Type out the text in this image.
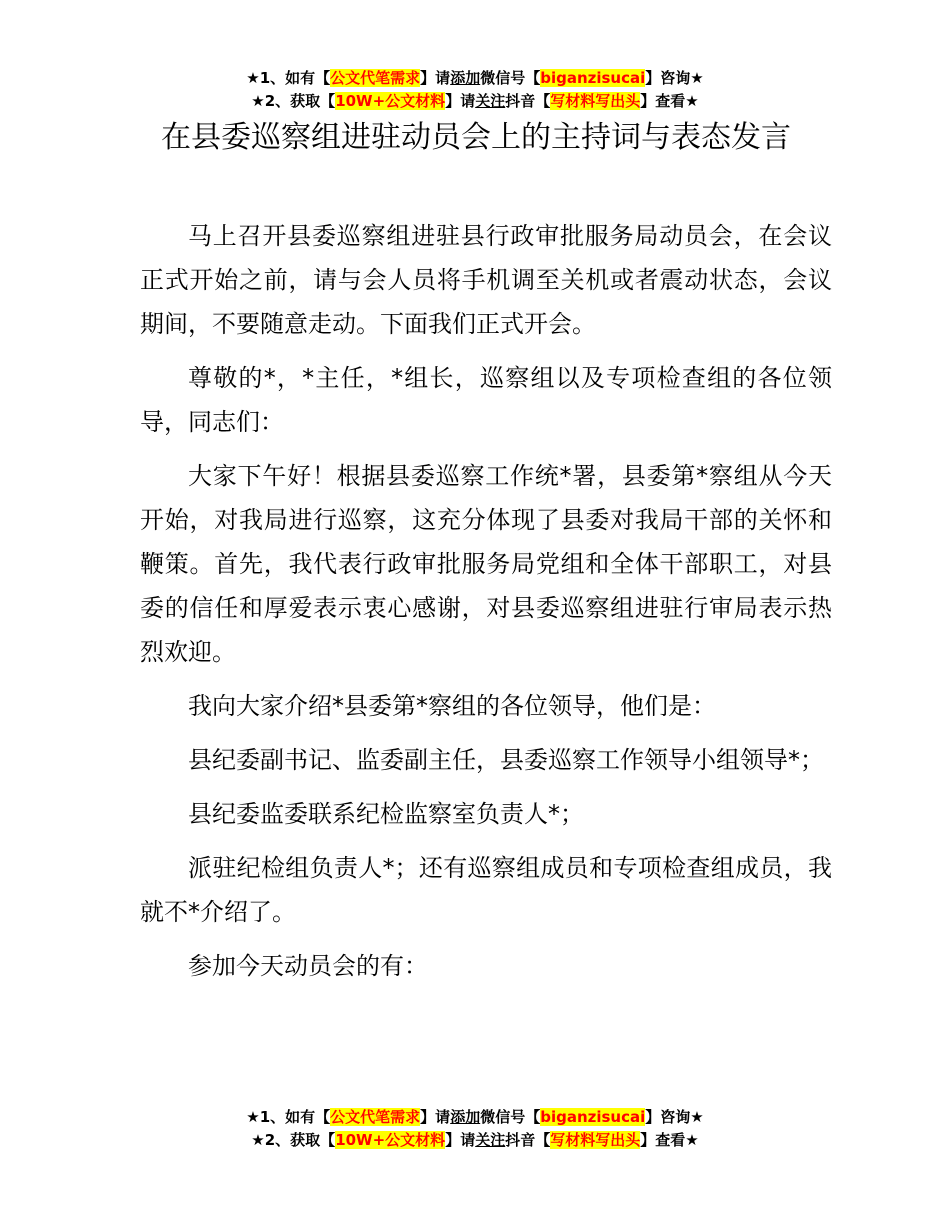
★1、如有【公文代笔需求】请添加微信号【biganzisucai】咨询★
★2、获取【10W+公文材料】请关注抖音【写材料写出头】查看★
在县委巡察组进驻动员会上的主持词与表态发言

马上召开县委巡察组进驻县行政审批服务局动员会，在会议正式开始之前，请与会人员将手机调至关机或者震动状态，会议期间，不要随意走动。下面我们正式开会。

尊敬的*，*主任，*组长，巡察组以及专项检查组的各位领导，同志们：

大家下午好！根据县委巡察工作统*署，县委第*察组从今天开始，对我局进行巡察，这充分体现了县委对我局干部的关怀和鞭策。首先，我代表行政审批服务局党组和全体干部职工，对县委的信任和厚爱表示衷心感谢，对县委巡察组进驻行审局表示热烈欢迎。

我向大家介绍*县委第*察组的各位领导，他们是：

县纪委副书记、监委副主任，县委巡察工作领导小组领导*；

县纪委监委联系纪检监察室负责人*；

派驻纪检组负责人*；还有巡察组成员和专项检查组成员，我就不*介绍了。

参加今天动员会的有：

★1、如有【公文代笔需求】请添加微信号【biganzisucai】咨询★
★2、获取【10W+公文材料】请关注抖音【写材料写出头】查看★
